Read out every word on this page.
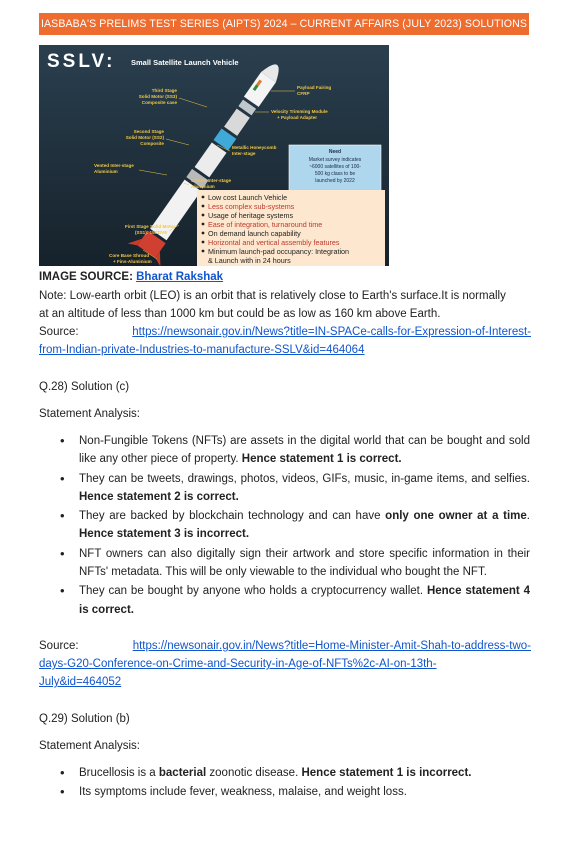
IASBABA'S PRELIMS TEST SERIES (AIPTS) 2024 – CURRENT AFFAIRS (JULY 2023) SOLUTIONS
SSLV: Small Satellite Launch Vehicle
Third Stage
Solid Motor (SS3)
Composite case
Payload Fairing
CFRP
Velocity Trimming Module
+ Payload Adapter
Second Stage
Solid Motor (SS2)
Composite
Metallic Honeycomb
Inter-stage
Vented Inter-stage
Aluminium
Closed Inter-stage
Aluminium
First Stage Solid Motor
(SS1): 15CDV6
Core Base Shroud
+ Fins-Aluminium
Need
Market survey indicates
~6000 satellites of 100-
500 kg class to be
launched by 2022
Low cost Launch Vehicle
Less complex sub-systems
Usage of heritage systems
Ease of integration, turnaround time
On demand launch capability
Horizontal and vertical assembly features
Minimum launch-pad occupancy: Integration
& Launch with in 24 hours
IMAGE SOURCE: Bharat Rakshak
Note: Low-earth orbit (LEO) is an orbit that is relatively close to Earth's surface.It is normally
at an altitude of less than 1000 km but could be as low as 160 km above Earth.
Source:	https://newsonair.gov.in/News?title=IN-SPACe-calls-for-Expression-of-Interest-
from-Indian-private-Industries-to-manufacture-SSLV&id=464064
Q.28) Solution (c)
Statement Analysis:
• Non-Fungible Tokens (NFTs) are assets in the digital world that can be bought and sold like any other piece of property. Hence statement 1 is correct.
• They can be tweets, drawings, photos, videos, GIFs, music, in-game items, and selfies. Hence statement 2 is correct.
• They are backed by blockchain technology and can have only one owner at a time. Hence statement 3 is incorrect.
• NFT owners can also digitally sign their artwork and store specific information in their NFTs' metadata. This will be only viewable to the individual who bought the NFT.
• They can be bought by anyone who holds a cryptocurrency wallet. Hence statement 4 is correct.
Source:	https://newsonair.gov.in/News?title=Home-Minister-Amit-Shah-to-address-two-
days-G20-Conference-on-Crime-and-Security-in-Age-of-NFTs%2c-AI-on-13th-
July&id=464052
Q.29) Solution (b)
Statement Analysis:
• Brucellosis is a bacterial zoonotic disease. Hence statement 1 is incorrect.
• Its symptoms include fever, weakness, malaise, and weight loss.
